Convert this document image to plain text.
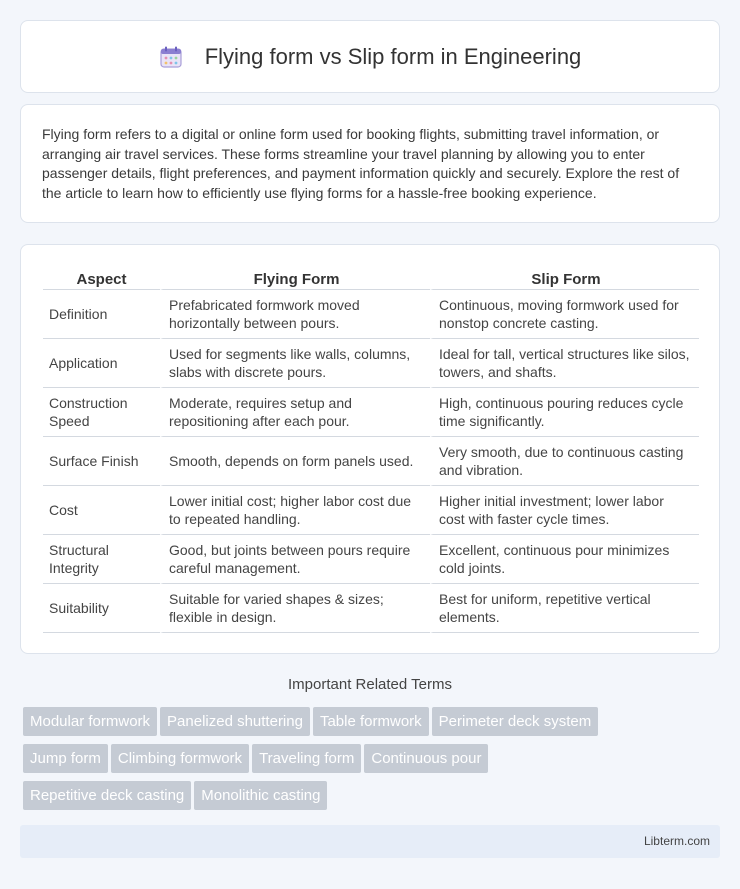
Flying form vs Slip form in Engineering

Flying form refers to a digital or online form used for booking flights, submitting travel information, or arranging air travel services. These forms streamline your travel planning by allowing you to enter passenger details, flight preferences, and payment information quickly and securely. Explore the rest of the article to learn how to efficiently use flying forms for a hassle-free booking experience.

Aspect	Flying Form	Slip Form
Definition	Prefabricated formwork moved horizontally between pours.	Continuous, moving formwork used for nonstop concrete casting.
Application	Used for segments like walls, columns, slabs with discrete pours.	Ideal for tall, vertical structures like silos, towers, and shafts.
Construction Speed	Moderate, requires setup and repositioning after each pour.	High, continuous pouring reduces cycle time significantly.
Surface Finish	Smooth, depends on form panels used.	Very smooth, due to continuous casting and vibration.
Cost	Lower initial cost; higher labor cost due to repeated handling.	Higher initial investment; lower labor cost with faster cycle times.
Structural Integrity	Good, but joints between pours require careful management.	Excellent, continuous pour minimizes cold joints.
Suitability	Suitable for varied shapes & sizes; flexible in design.	Best for uniform, repetitive vertical elements.
Important Related Terms
Modular formwork Panelized shuttering Table formwork Perimeter deck system
Jump form Climbing formwork Traveling form Continuous pour
Repetitive deck casting Monolithic casting
Libterm.com
